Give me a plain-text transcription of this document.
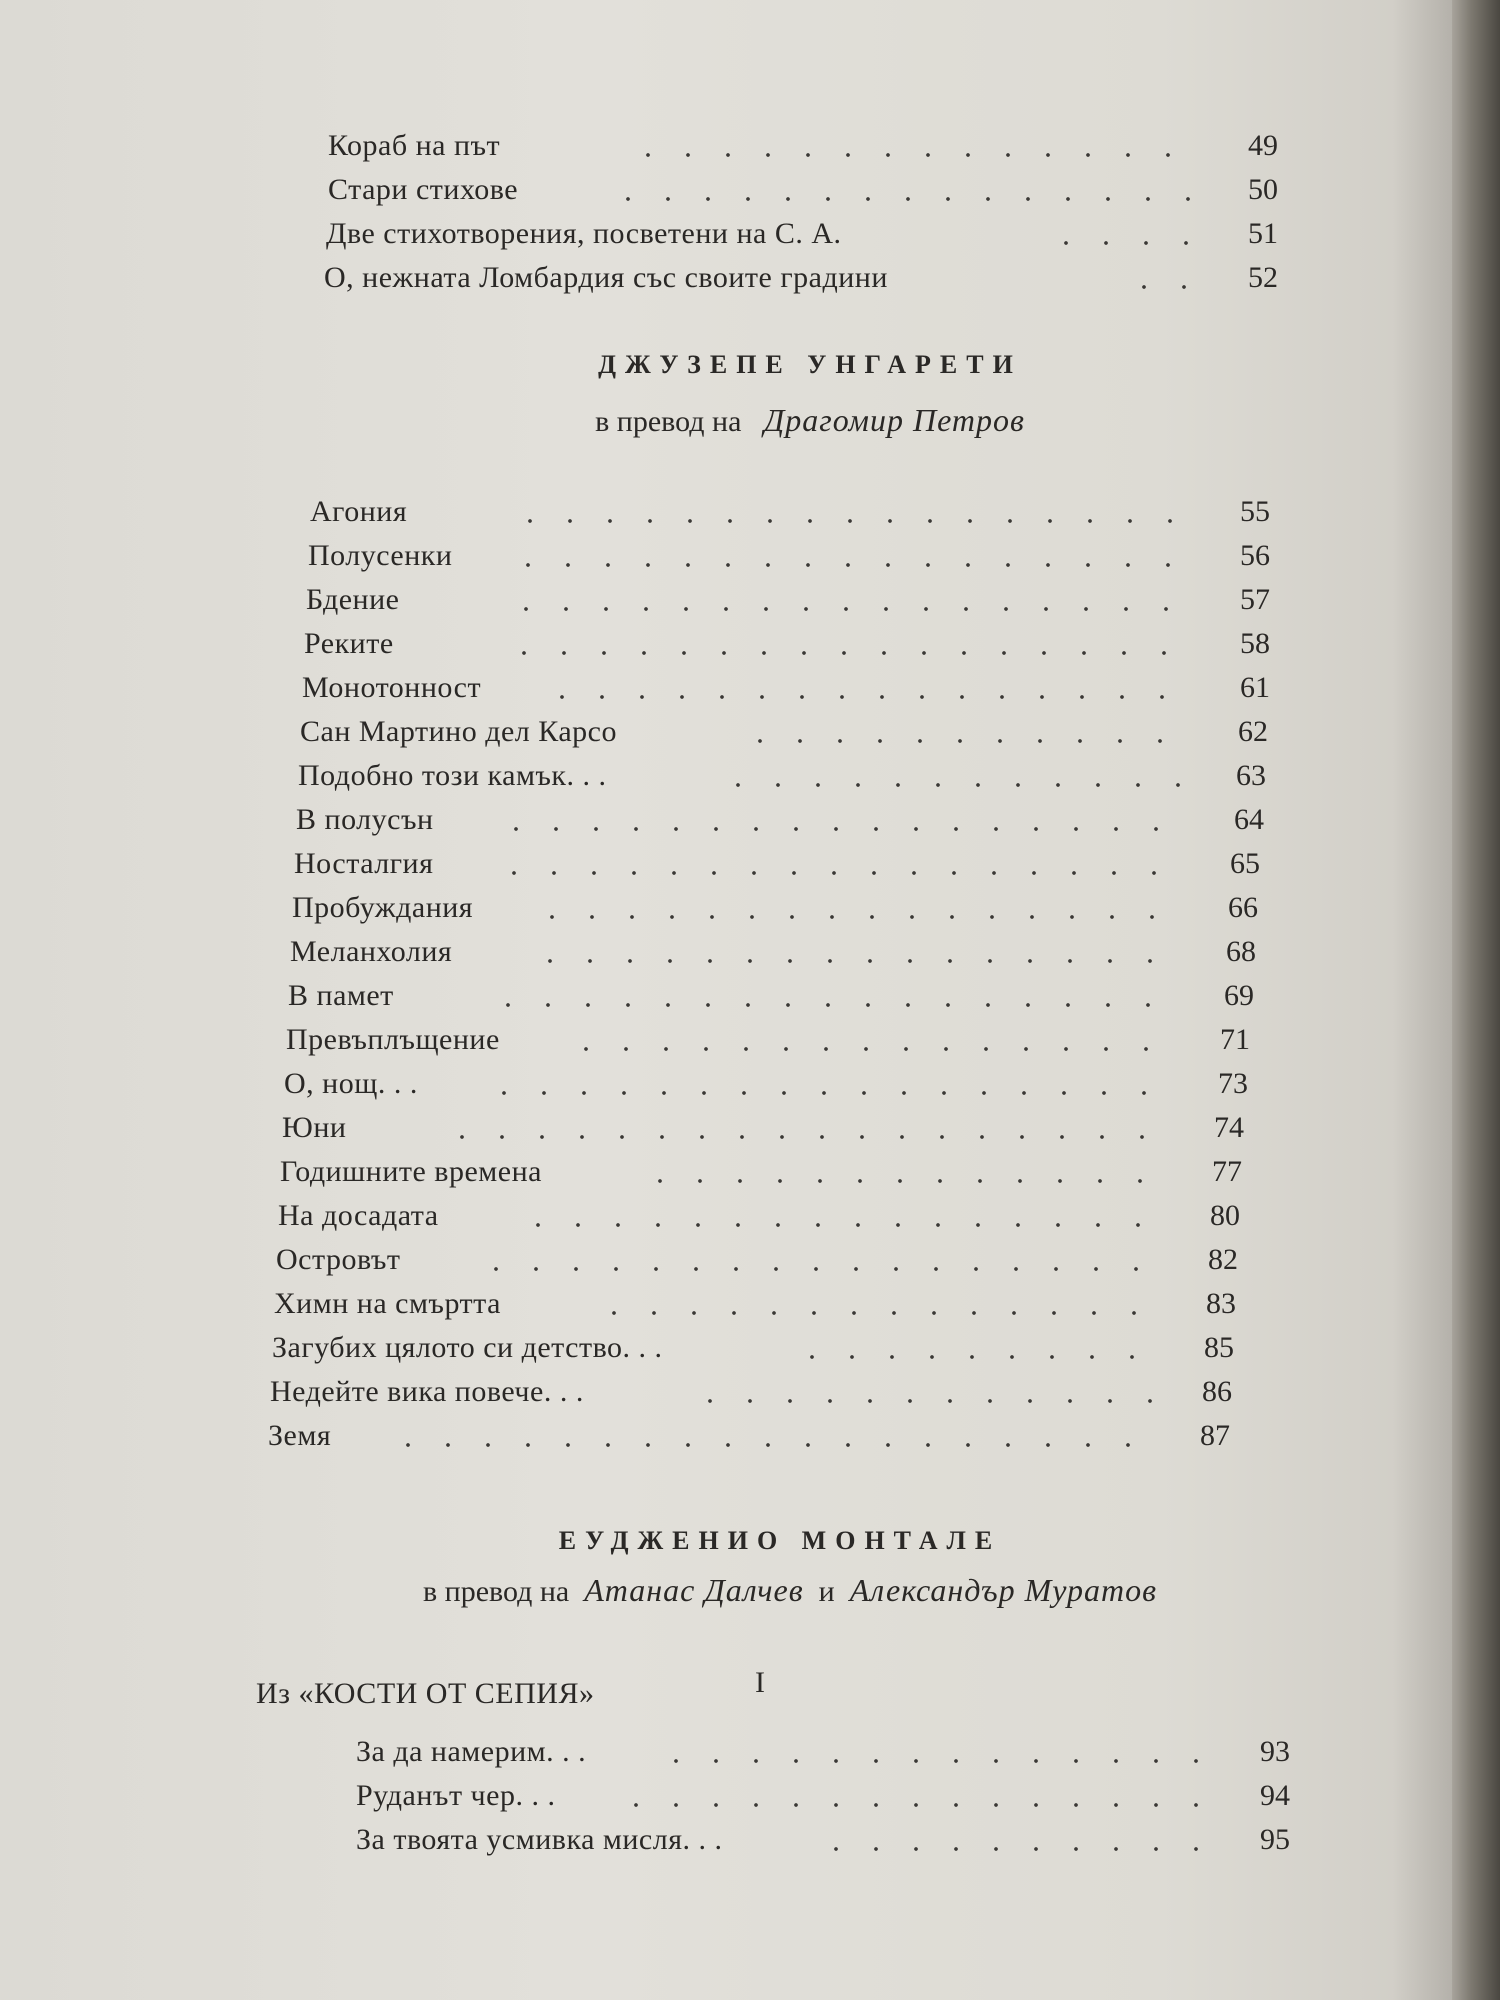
Кораб на път	49
Стари стихове	50
Две стихотворения, посветени на С. А.	51
О, нежната Ломбардия със своите градини	52
ДЖУЗЕПЕ УНГАРЕТИ
в превод на Драгомир Петров
Агония	55
Полусенки	56
Бдение	57
Реките	58
Монотонност	61
Сан Мартино дел Карсо	62
Подобно този камък. . .	63
В полусън	64
Носталгия	65
Пробуждания	66
Меланхолия	68
В памет	69
Превъплъщение	71
О, нощ. . .	73
Юни	74
Годишните времена	77
На досадата	80
Островът	82
Химн на смъртта	83
Загубих цялото си детство. . .	85
Недейте вика повече. . .	86
Земя	87
ЕУДЖЕНИО МОНТАЛЕ
в превод на Атанас Далчев и Александър Муратов
I
Из «КОСТИ ОТ СЕПИЯ»
За да намерим. . .	93
Руданът чер. . .	94
За твоята усмивка мисля. . .	95
